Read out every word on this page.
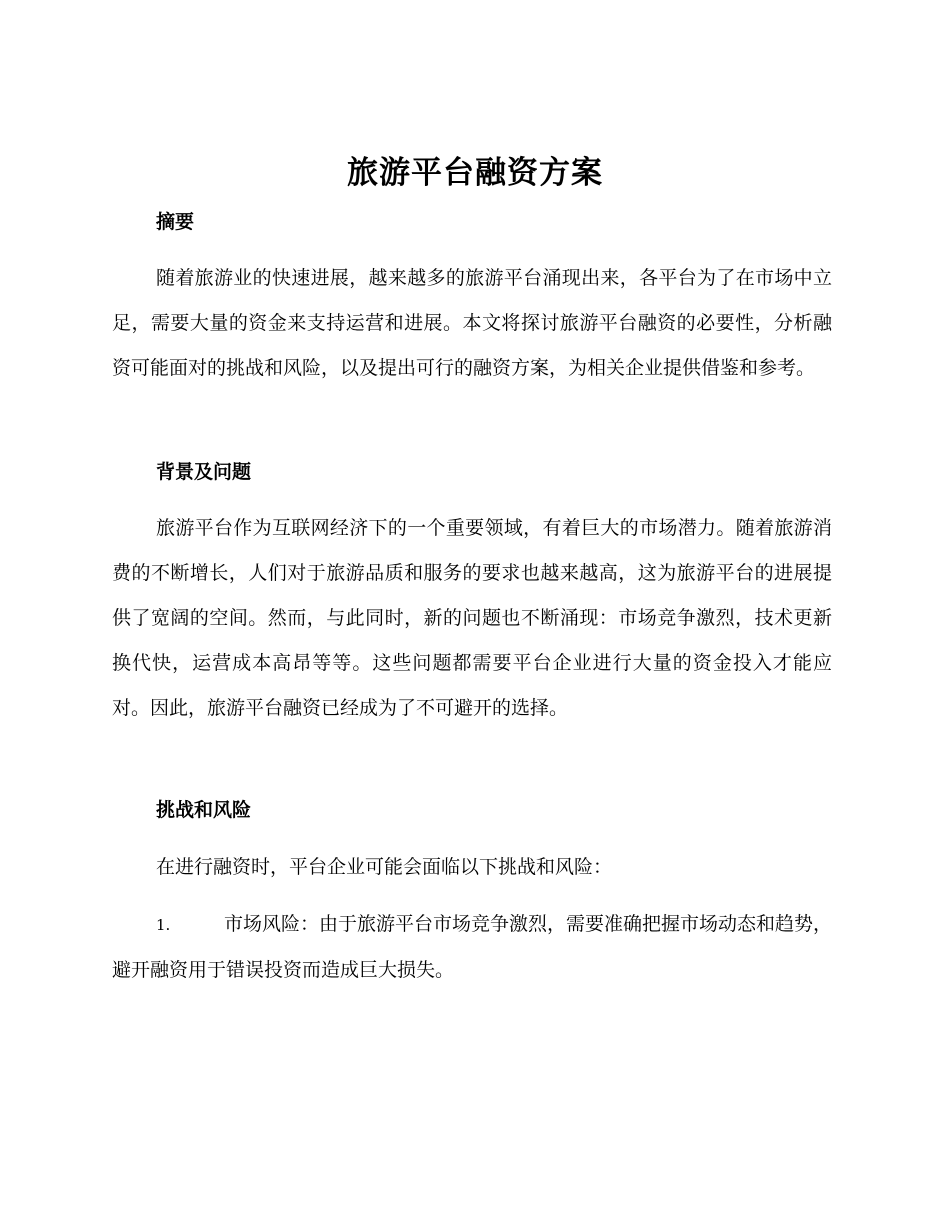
旅游平台融资方案
摘要

随着旅游业的快速进展，越来越多的旅游平台涌现出来，各平台为了在市场中立足，需要大量的资金来支持运营和进展。本文将探讨旅游平台融资的必要性，分析融资可能面对的挑战和风险，以及提出可行的融资方案，为相关企业提供借鉴和参考。

背景及问题

旅游平台作为互联网经济下的一个重要领域，有着巨大的市场潜力。随着旅游消费的不断增长，人们对于旅游品质和服务的要求也越来越高，这为旅游平台的进展提供了宽阔的空间。然而，与此同时，新的问题也不断涌现：市场竞争激烈，技术更新换代快，运营成本高昂等等。这些问题都需要平台企业进行大量的资金投入才能应对。因此，旅游平台融资已经成为了不可避开的选择。

挑战和风险

在进行融资时，平台企业可能会面临以下挑战和风险：

1.	市场风险：由于旅游平台市场竞争激烈，需要准确把握市场动态和趋势，避开融资用于错误投资而造成巨大损失。
